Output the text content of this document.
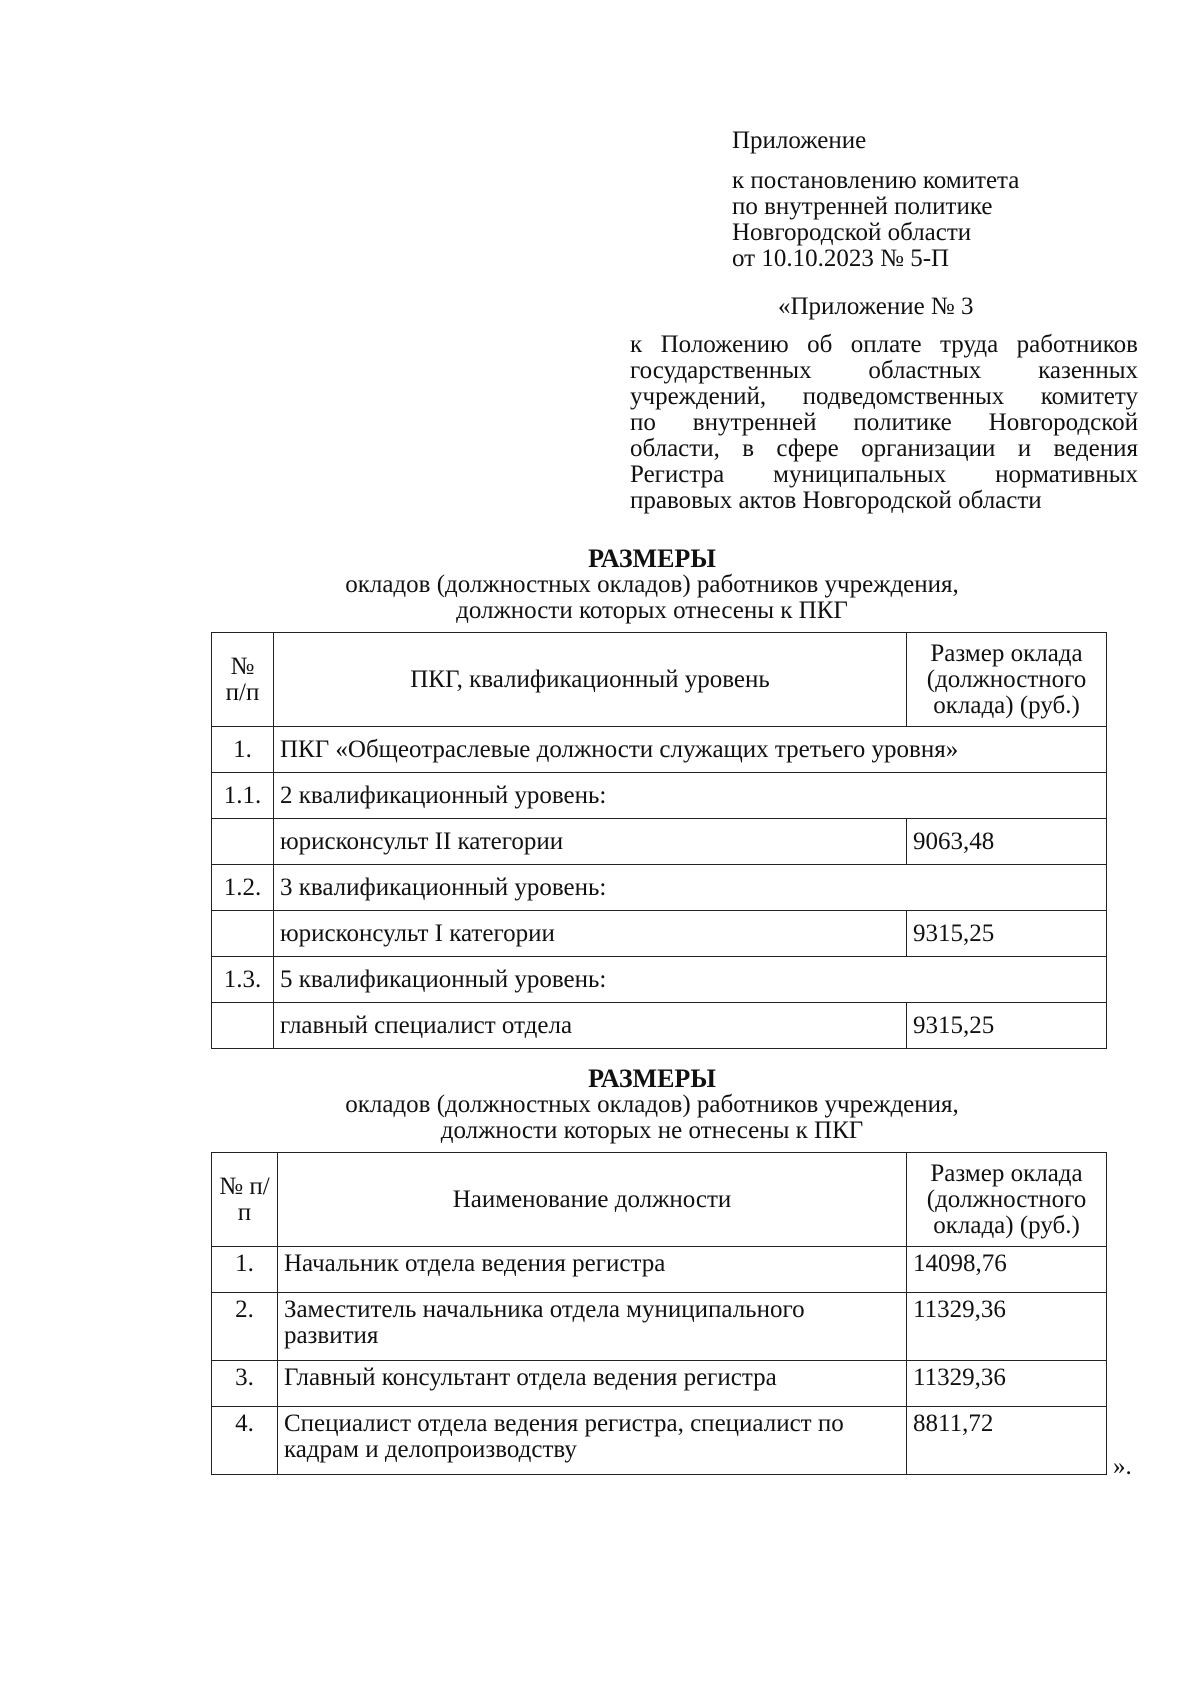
Приложение
к постановлению комитета
по внутренней политике
Новгородской области
от 10.10.2023 № 5-П
«Приложение № 3
к Положению об оплате труда работников
государственных областных казенных
учреждений, подведомственных комитету
по внутренней политике Новгородской
области, в сфере организации и ведения
Регистра муниципальных нормативных
правовых актов Новгородской области
РАЗМЕРЫ
окладов (должностных окладов) работников учреждения,
должности которых отнесены к ПКГ
№ п/п	ПКГ, квалификационный уровень	Размер оклада (должностного оклада) (руб.)
1.	ПКГ «Общеотраслевые должности служащих третьего уровня»	
1.1.	2 квалификационный уровень:	
	юрисконсульт II категории	9063,48
1.2.	3 квалификационный уровень:	
	юрисконсульт I категории	9315,25
1.3.	5 квалификационный уровень:	
	главный специалист отдела	9315,25
РАЗМЕРЫ
окладов (должностных окладов) работников учреждения,
должности которых не отнесены к ПКГ
№ п/п	Наименование должности	Размер оклада (должностного оклада) (руб.)
1.	Начальник отдела ведения регистра	14098,76
2.	Заместитель начальника отдела муниципального развития	11329,36
3.	Главный консультант отдела ведения регистра	11329,36
4.	Специалист отдела ведения регистра, специалист по кадрам и делопроизводству	8811,72
».
